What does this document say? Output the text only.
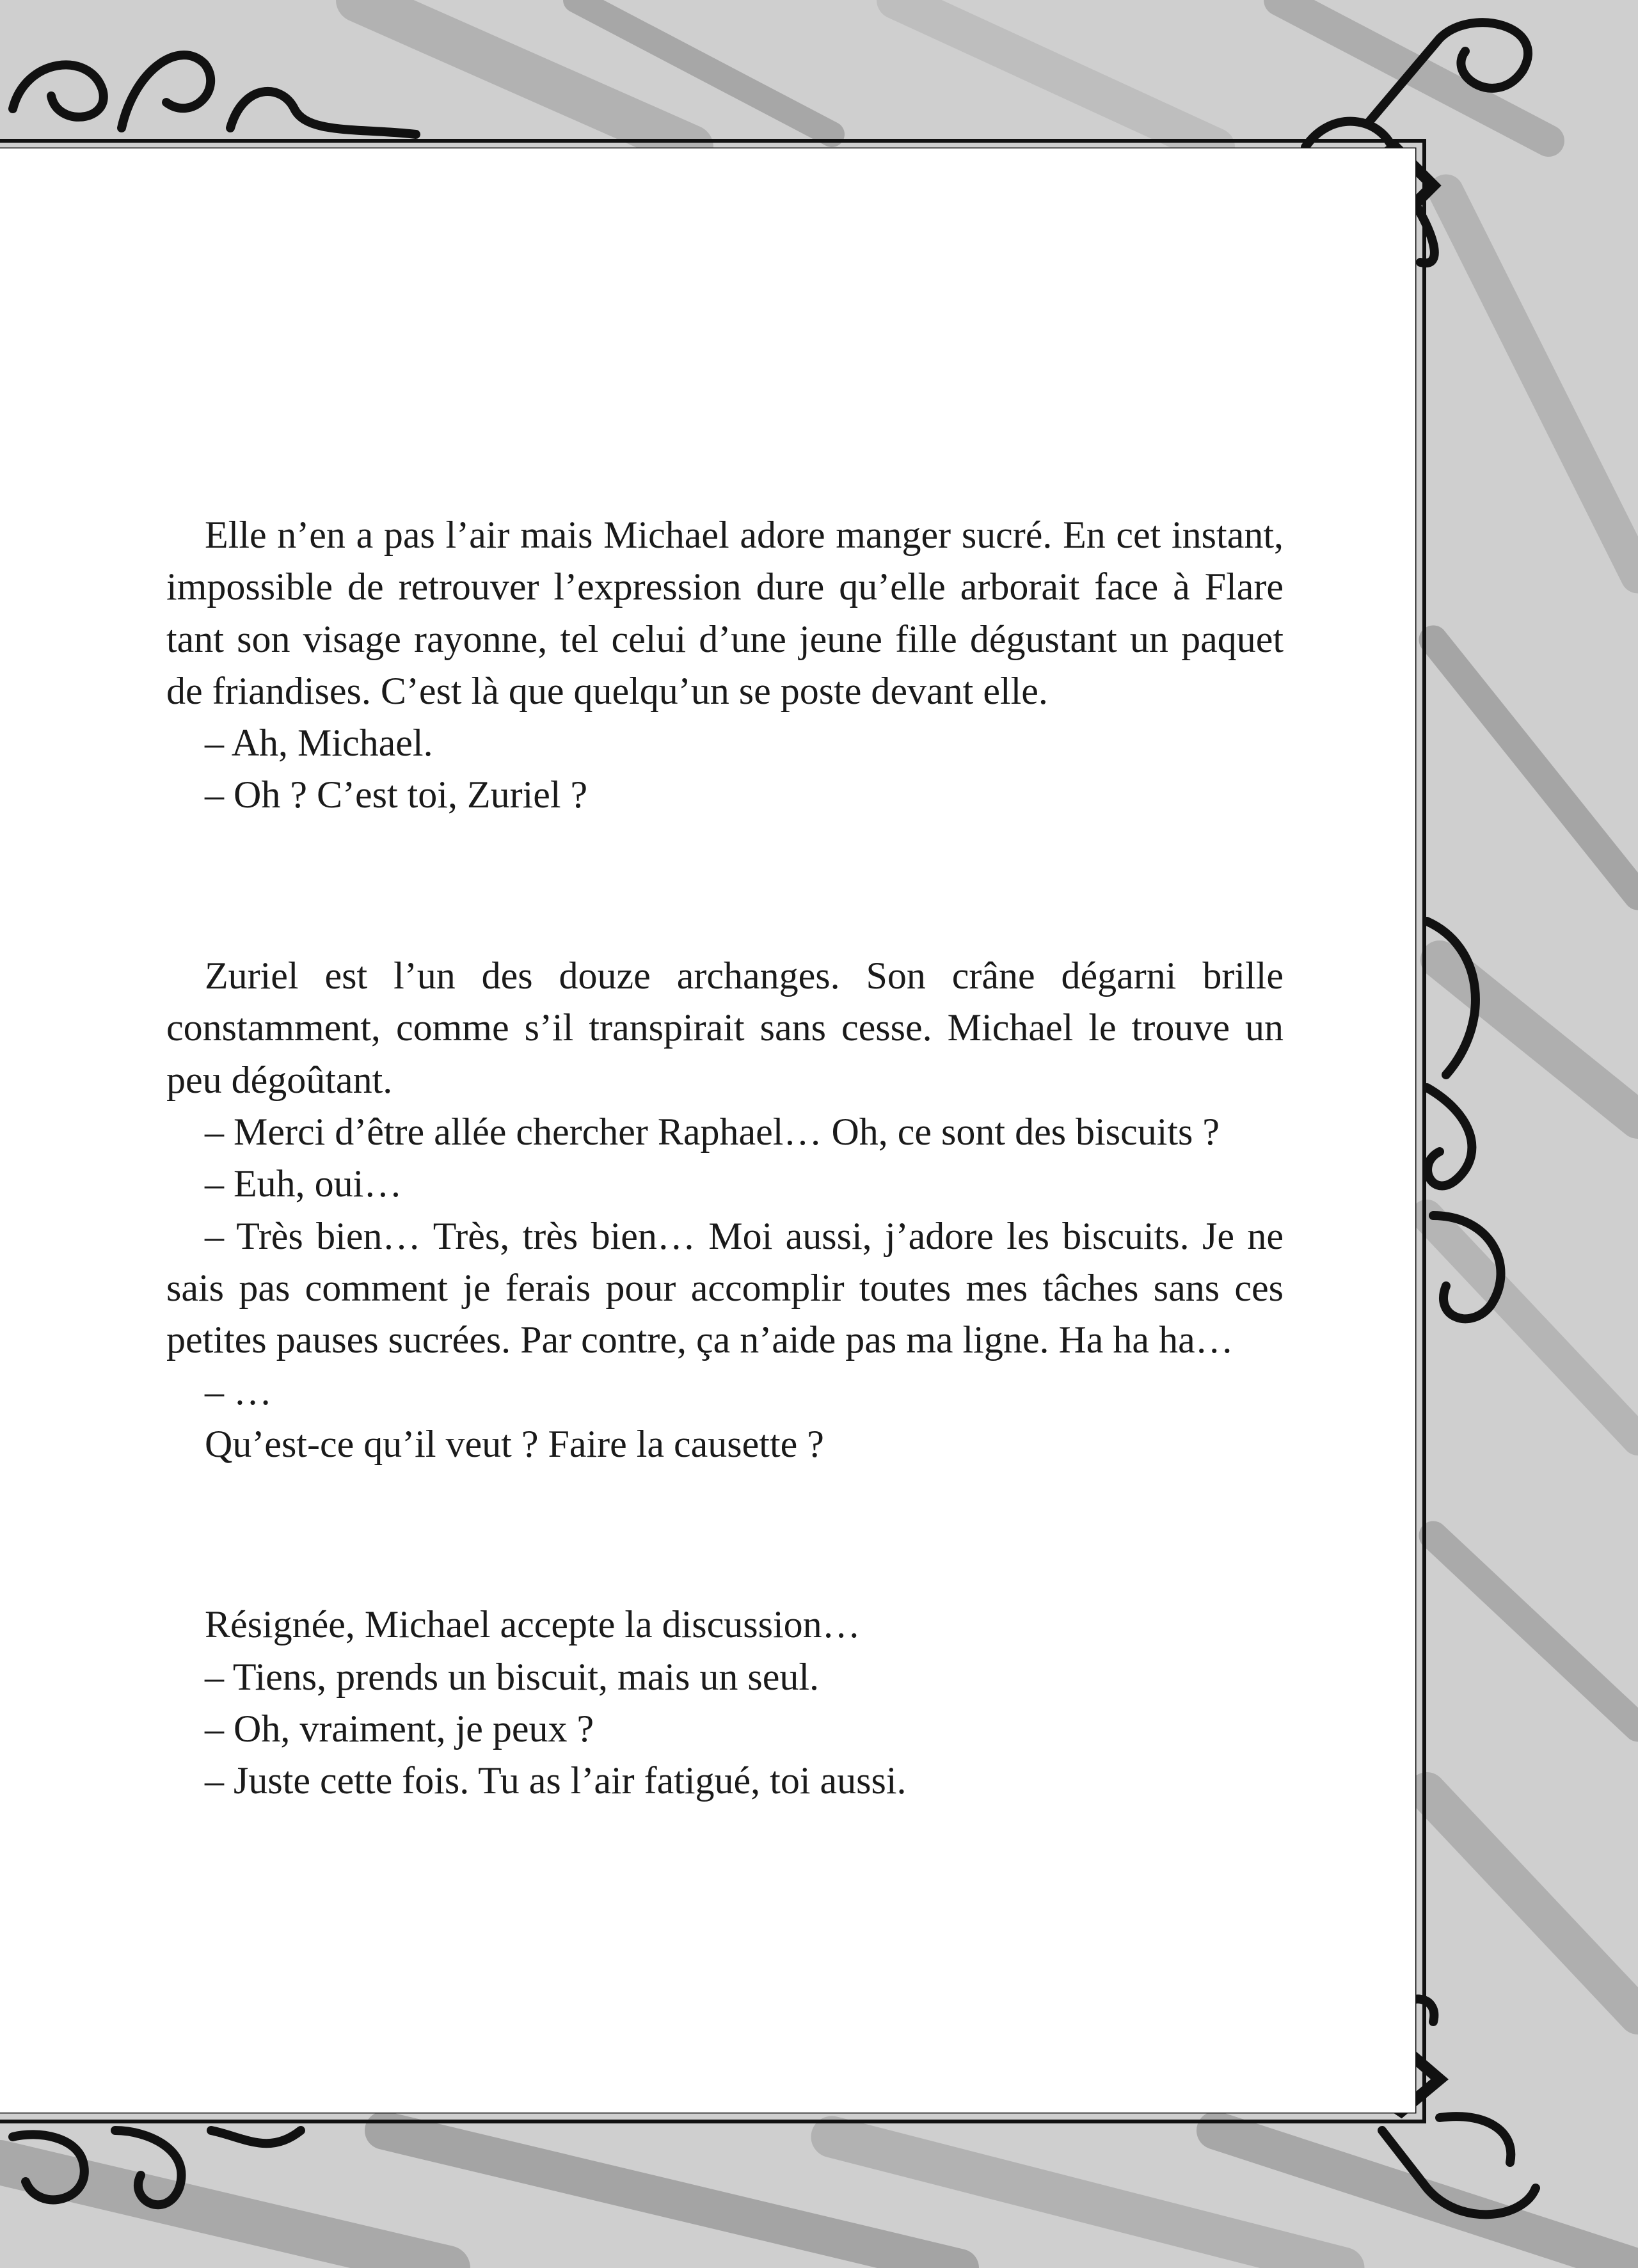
Elle n’en a pas l’air mais Michael adore manger sucré. En cet instant, impossible de retrouver l’expression dure qu’elle arborait face à Flare tant son visage rayonne, tel celui d’une jeune fille dégustant un paquet de friandises. C’est là que quelqu’un se poste devant elle.

– Ah, Michael.

– Oh ? C’est toi, Zuriel ?

Zuriel est l’un des douze archanges. Son crâne dégarni brille constamment, comme s’il transpirait sans cesse. Michael le trouve un peu dégoûtant.

– Merci d’être allée chercher Raphael… Oh, ce sont des biscuits ?

– Euh, oui…

– Très bien… Très, très bien… Moi aussi, j’adore les biscuits. Je ne sais pas comment je ferais pour accomplir toutes mes tâches sans ces petites pauses sucrées. Par contre, ça n’aide pas ma ligne. Ha ha ha…

– …

Qu’est-ce qu’il veut ? Faire la causette ?

Résignée, Michael accepte la discussion…

– Tiens, prends un biscuit, mais un seul.

– Oh, vraiment, je peux ?

– Juste cette fois. Tu as l’air fatigué, toi aussi.
